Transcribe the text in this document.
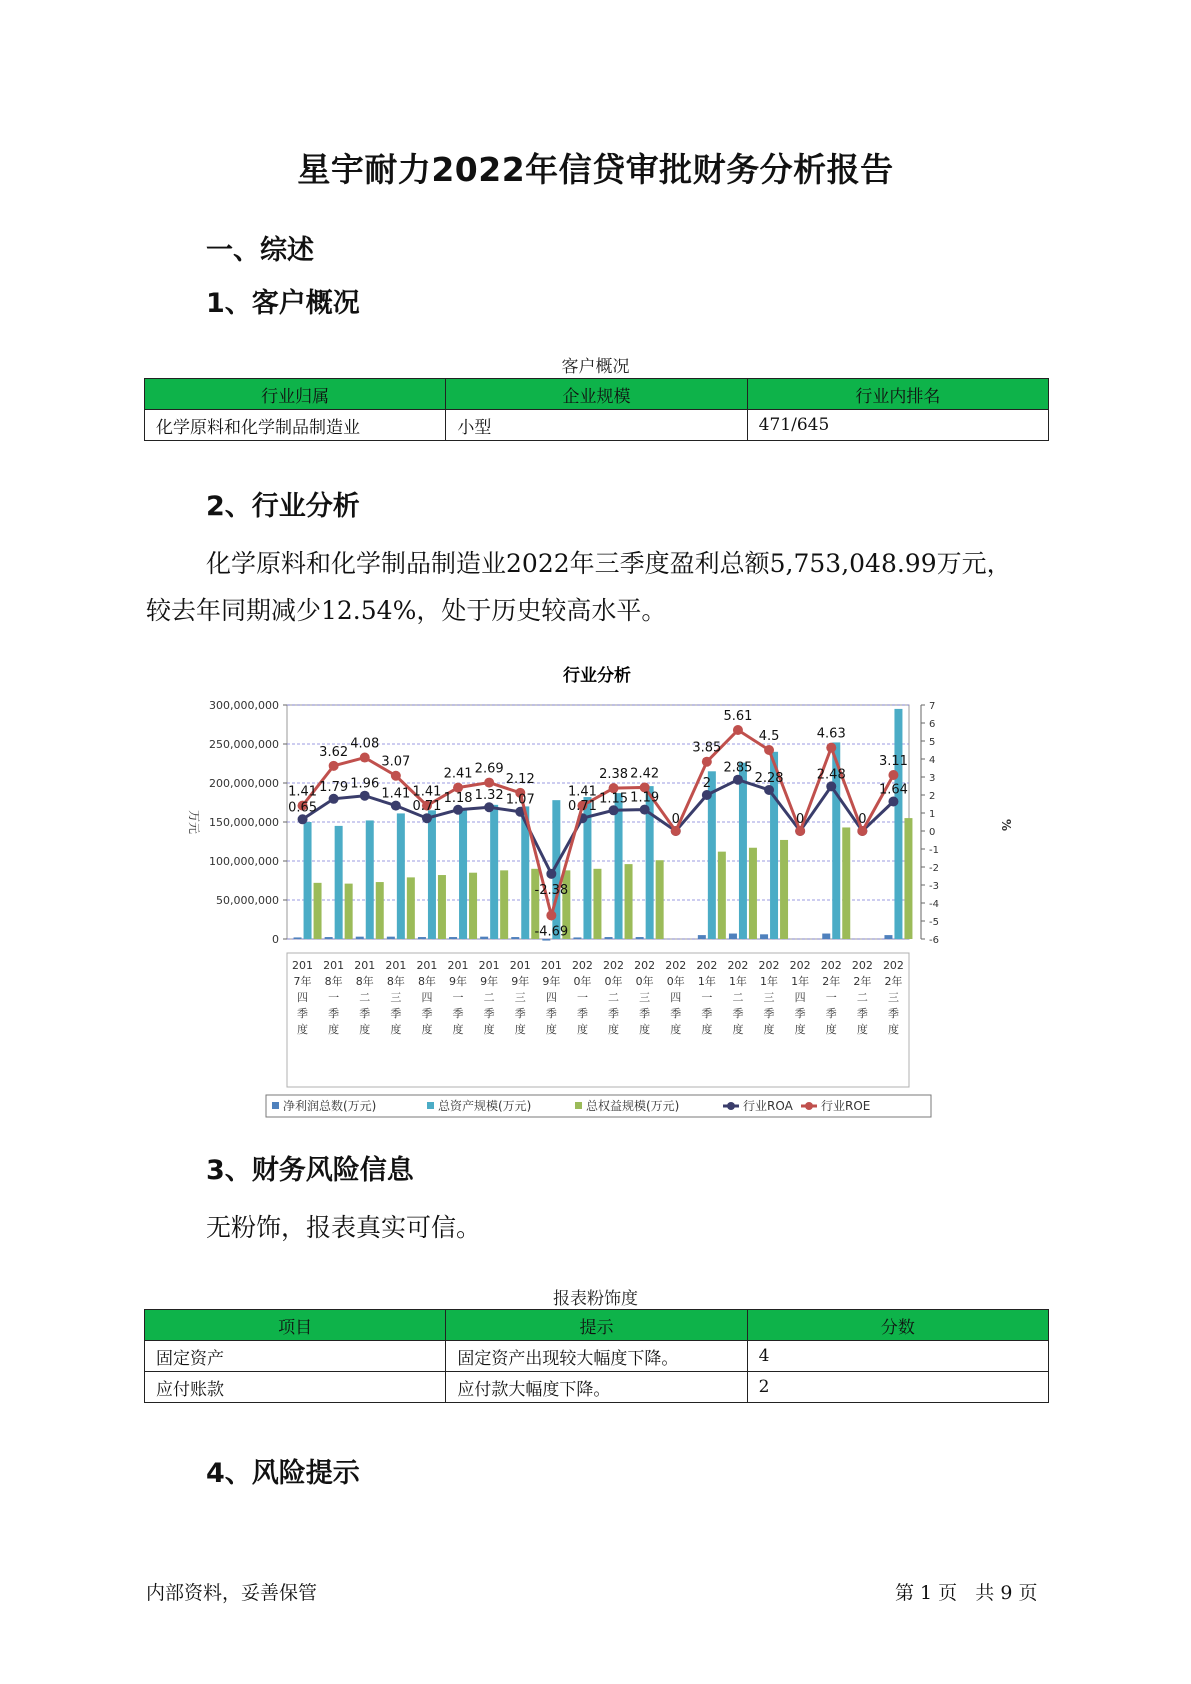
星宇耐力2022年信贷审批财务分析报告
一、综述
1、客户概况
客户概况
行业归属	企业规模	行业内排名
化学原料和化学制品制造业	小型	471/645
2、行业分析
化学原料和化学制品制造业2022年三季度盈利总额5,753,048.99万元，
较去年同期减少12.54%，处于历史较高水平。
行业分析
300,000,000
250,000,000
200,000,000
150,000,000
100,000,000
50,000,000
0
7
6
5
4
3
2
1
0
-1
-2
-3
-4
-5
-6
万元	%
0.65
1.79 1.96
1.41
0.71
1.18 1.32 1.07
-2.38
0.71
1.15 1.19
0
2
2.85
2.28
0
2.48
0
1.64
1.41
3.62
4.08
3.07
1.41
2.41 2.69
2.12
-4.69
1.41
2.38 2.42
3.85
5.61
4.5	4.63
3.11
201
7年
四
季
度
201
8年
一
季
度
201
8年
二
季
度
201
8年
三
季
度
201
8年
四
季
度
201
9年
一
季
度
201
9年
二
季
度
201
9年
三
季
度
201
9年
四
季
度
202
0年
一
季
度
202
0年
二
季
度
202
0年
三
季
度
202
0年
四
季
度
202
1年
一
季
度
202
1年
二
季
度
202
1年
三
季
度
202
1年
四
季
度
202
2年
一
季
度
202
2年
二
季
度
202
2年
三
季
度
净利润总数(万元)	总资产规模(万元)	总权益规模(万元)	行业ROA 行业ROE
3、财务风险信息
无粉饰，报表真实可信。
报表粉饰度
项目	提示	分数
固定资产	固定资产出现较大幅度下降。	4
应付账款	应付款大幅度下降。	2
4、风险提示
内部资料，妥善保管	第 1 页   共 9 页
